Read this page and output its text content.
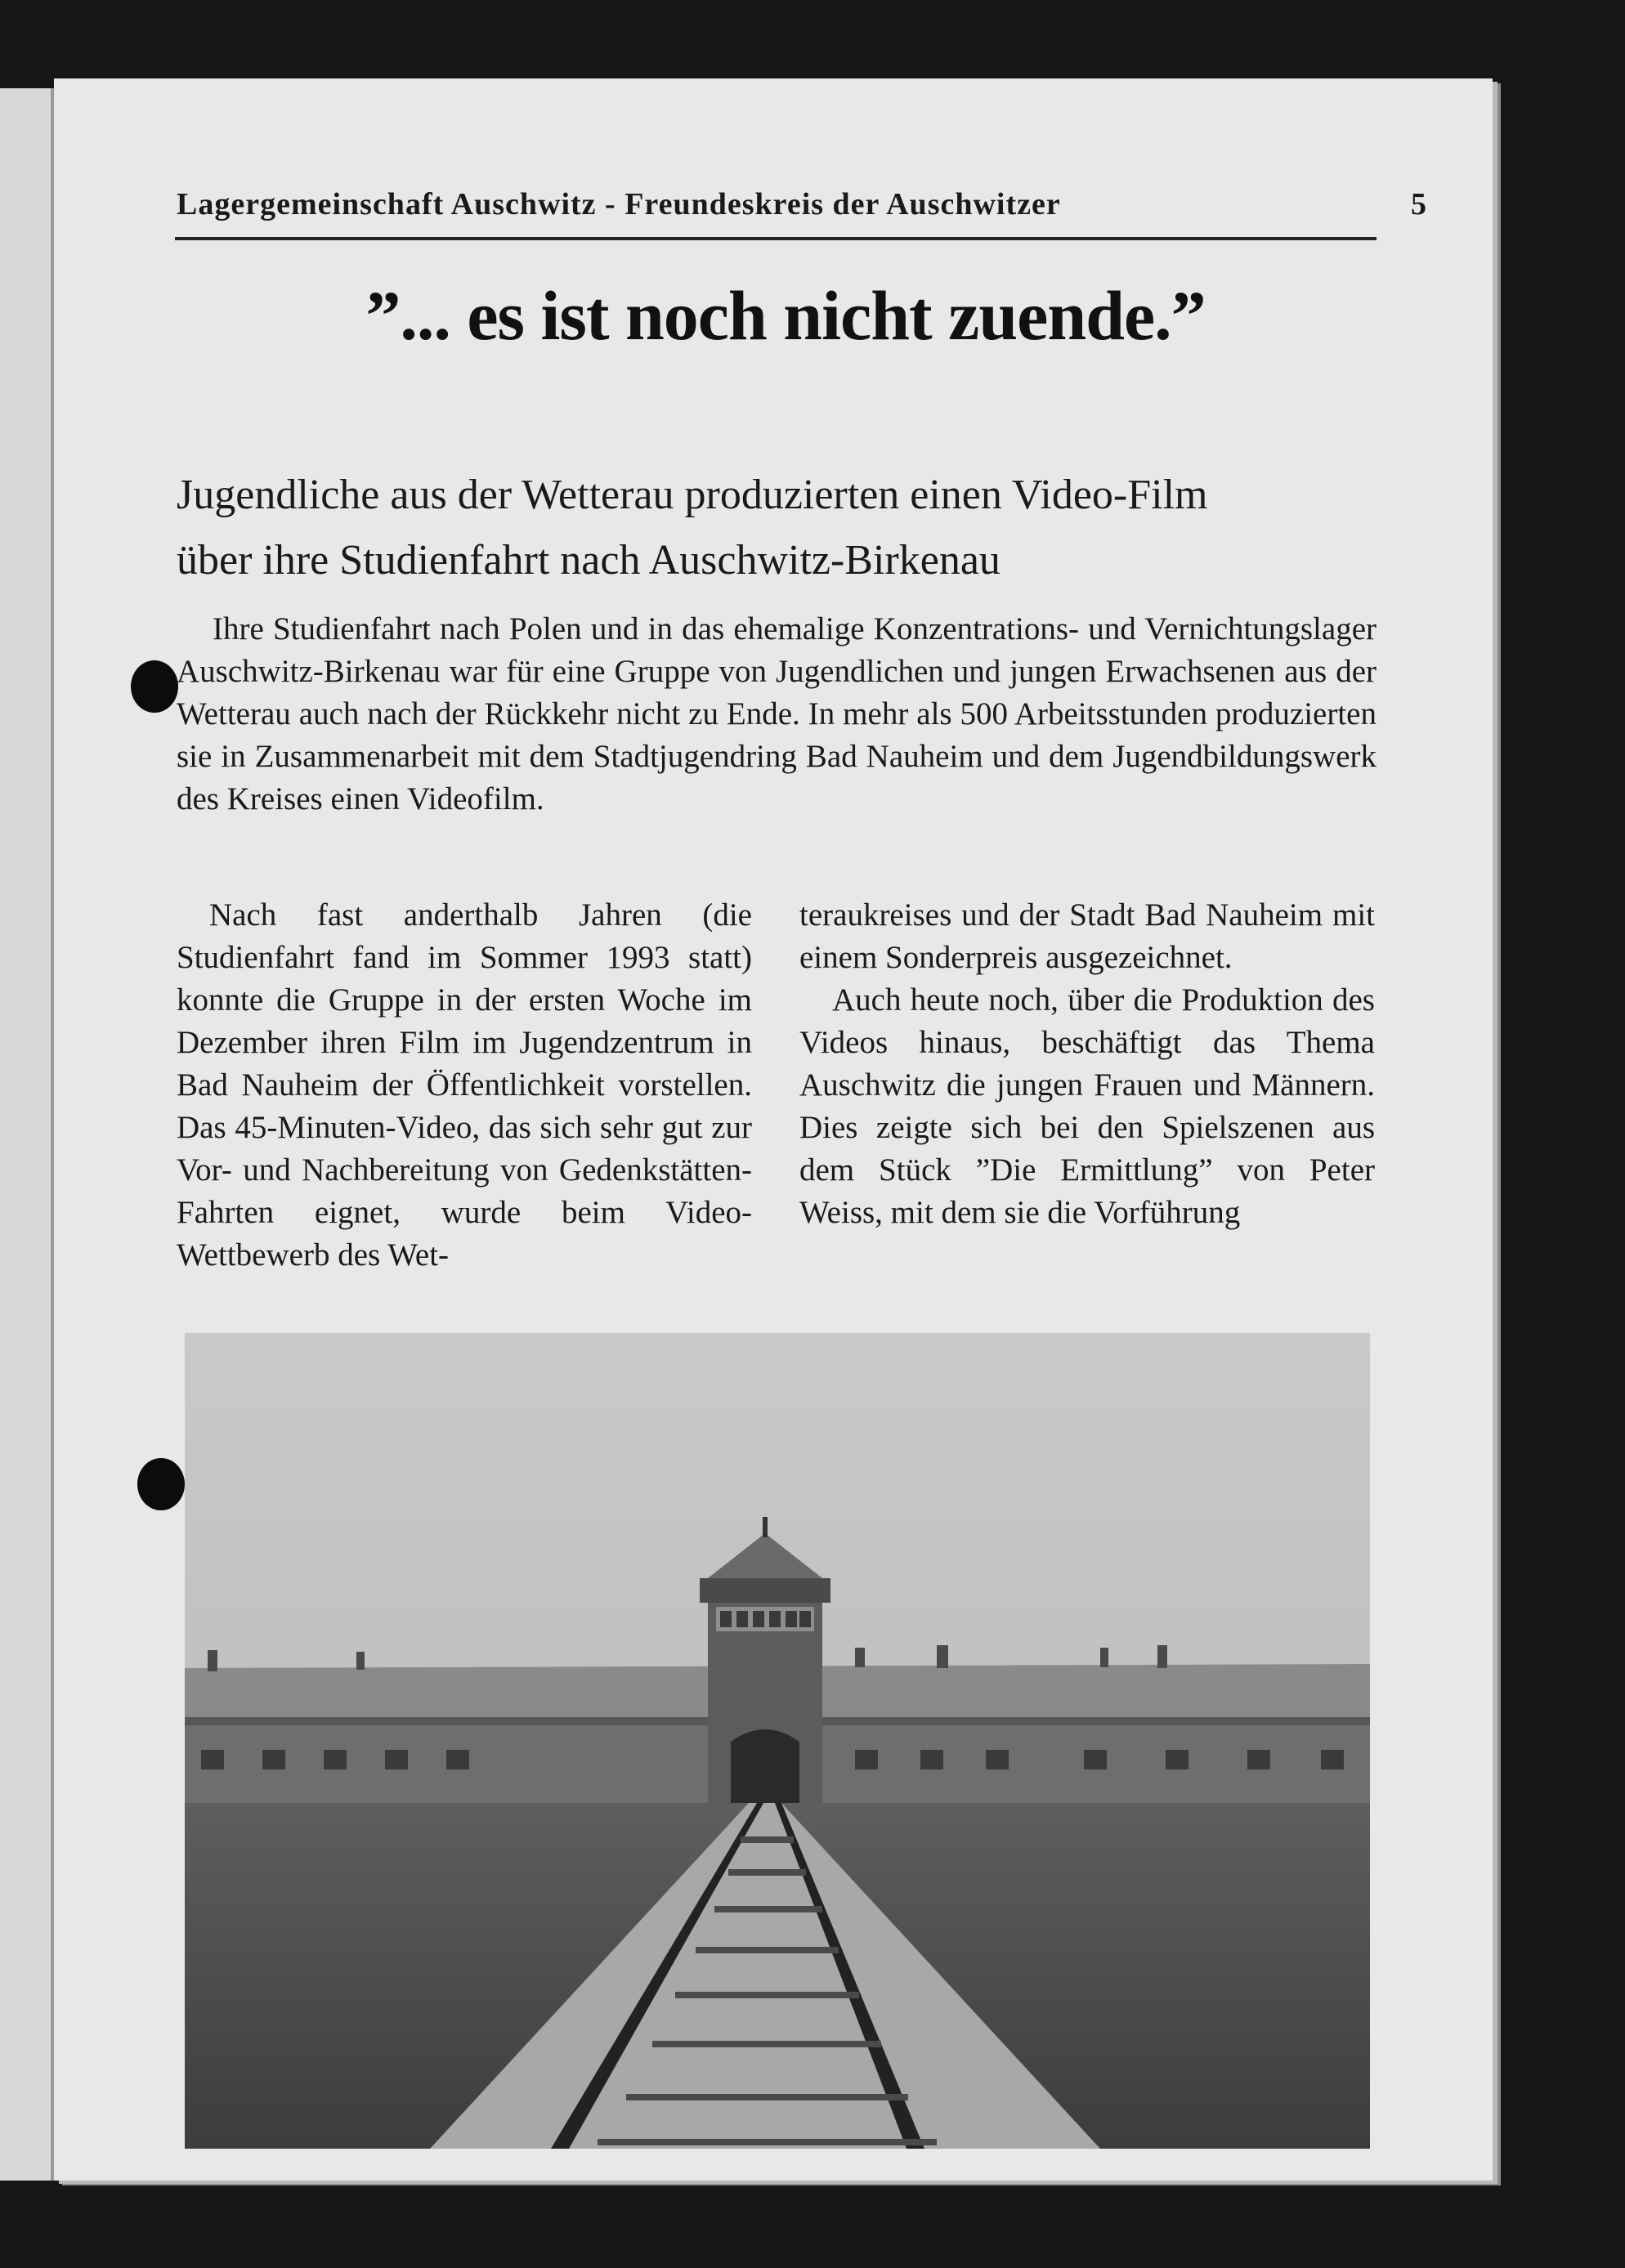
Lagergemeinschaft Auschwitz - Freundeskreis der Auschwitzer	5
”... es ist noch nicht zuende.”
Jugendliche aus der Wetterau produzierten einen Video-Film
über ihre Studienfahrt nach Auschwitz-Birkenau
Ihre Studienfahrt nach Polen und in das ehemalige Konzentrations- und Vernichtungslager Auschwitz-Birkenau war für eine Gruppe von Jugendlichen und jungen Erwachsenen aus der Wetterau auch nach der Rückkehr nicht zu Ende. In mehr als 500 Arbeitsstunden produzierten sie in Zusammenarbeit mit dem Stadtjugendring Bad Nauheim und dem Jugendbildungswerk des Kreises einen Videofilm.

Nach fast anderthalb Jahren (die Studienfahrt fand im Sommer 1993 statt) konnte die Gruppe in der ersten Woche im Dezember ihren Film im Jugendzentrum in Bad Nauheim der Öffentlichkeit vorstellen. Das 45-Minuten-Video, das sich sehr gut zur Vor- und Nachbereitung von Gedenkstätten-Fahrten eignet, wurde beim Video-Wettbewerb des Wet-

teraukreises und der Stadt Bad Nauheim mit einem Sonderpreis ausgezeichnet.

Auch heute noch, über die Produktion des Videos hinaus, beschäftigt das Thema Auschwitz die jungen Frauen und Männern. Dies zeigte sich bei den Spielszenen aus dem Stück ”Die Ermittlung” von Peter Weiss, mit dem sie die Vorführung
